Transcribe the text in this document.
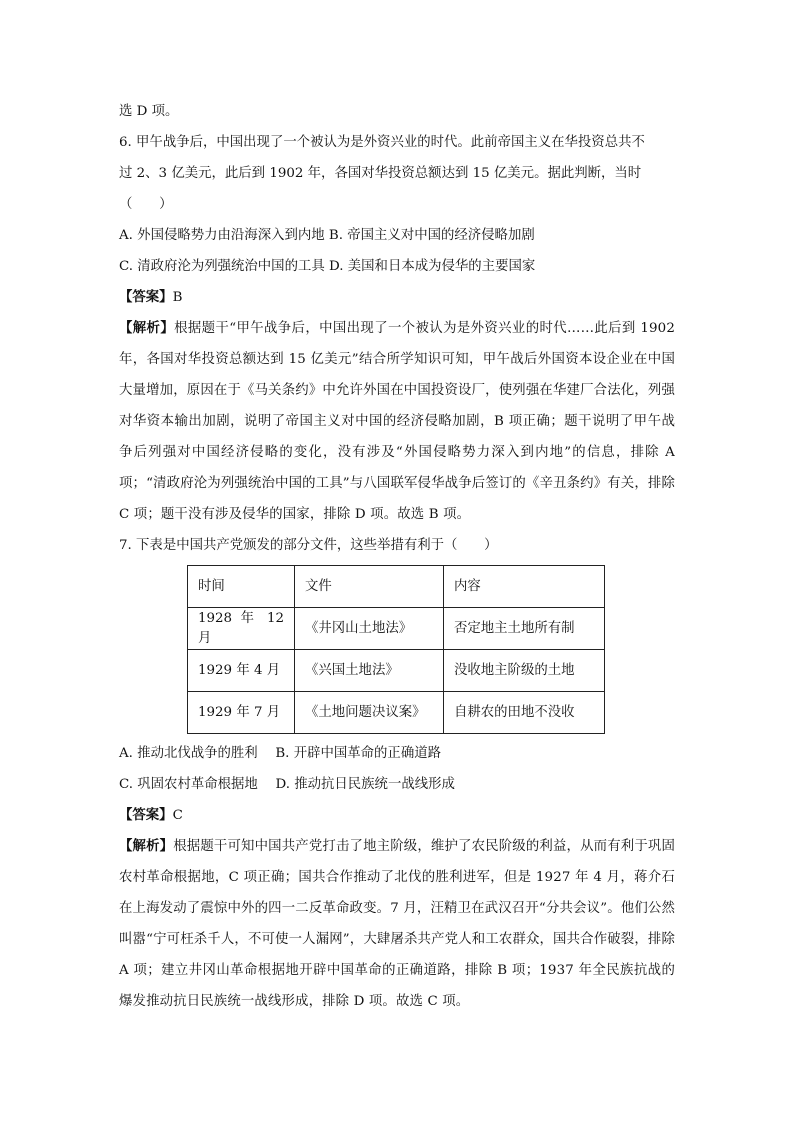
选 D 项。
6. 甲午战争后，中国出现了一个被认为是外资兴业的时代。此前帝国主义在华投资总共不
过 2、3 亿美元，此后到 1902 年，各国对华投资总额达到 15 亿美元。据此判断，当时
（　　）
A. 外国侵略势力由沿海深入到内地 B. 帝国主义对中国的经济侵略加剧
C. 清政府沦为列强统治中国的工具 D. 美国和日本成为侵华的主要国家
【答案】B
【解析】根据题干“甲午战争后，中国出现了一个被认为是外资兴业的时代……此后到 1902 年，各国对华投资总额达到 15 亿美元”结合所学知识可知，甲午战后外国资本设企业在中国大量增加，原因在于《马关条约》中允许外国在中国投资设厂，使列强在华建厂合法化，列强对华资本输出加剧，说明了帝国主义对中国的经济侵略加剧，B 项正确；题干说明了甲午战争后列强对中国经济侵略的变化，没有涉及“外国侵略势力深入到内地”的信息，排除 A 项；“清政府沦为列强统治中国的工具”与八国联军侵华战争后签订的《辛丑条约》有关，排除 C 项；题干没有涉及侵华的国家，排除 D 项。故选 B 项。
7. 下表是中国共产党颁发的部分文件，这些举措有利于（　　）
时间	文件	内容
1928 年 12 月	《井冈山土地法》	否定地主土地所有制
1929 年 4 月	《兴国土地法》	没收地主阶级的土地
1929 年 7 月	《土地问题决议案》	自耕农的田地不没收
A. 推动北伐战争的胜利　 B. 开辟中国革命的正确道路
C. 巩固农村革命根据地　 D. 推动抗日民族统一战线形成
【答案】C
【解析】根据题干可知中国共产党打击了地主阶级，维护了农民阶级的利益，从而有利于巩固农村革命根据地，C 项正确；国共合作推动了北伐的胜利进军，但是 1927 年 4 月，蒋介石在上海发动了震惊中外的四一二反革命政变。7 月，汪精卫在武汉召开“分共会议”。他们公然叫嚣“宁可枉杀千人，不可使一人漏网”，大肆屠杀共产党人和工农群众，国共合作破裂，排除 A 项；建立井冈山革命根据地开辟中国革命的正确道路，排除 B 项；1937 年全民族抗战的爆发推动抗日民族统一战线形成，排除 D 项。故选 C 项。
